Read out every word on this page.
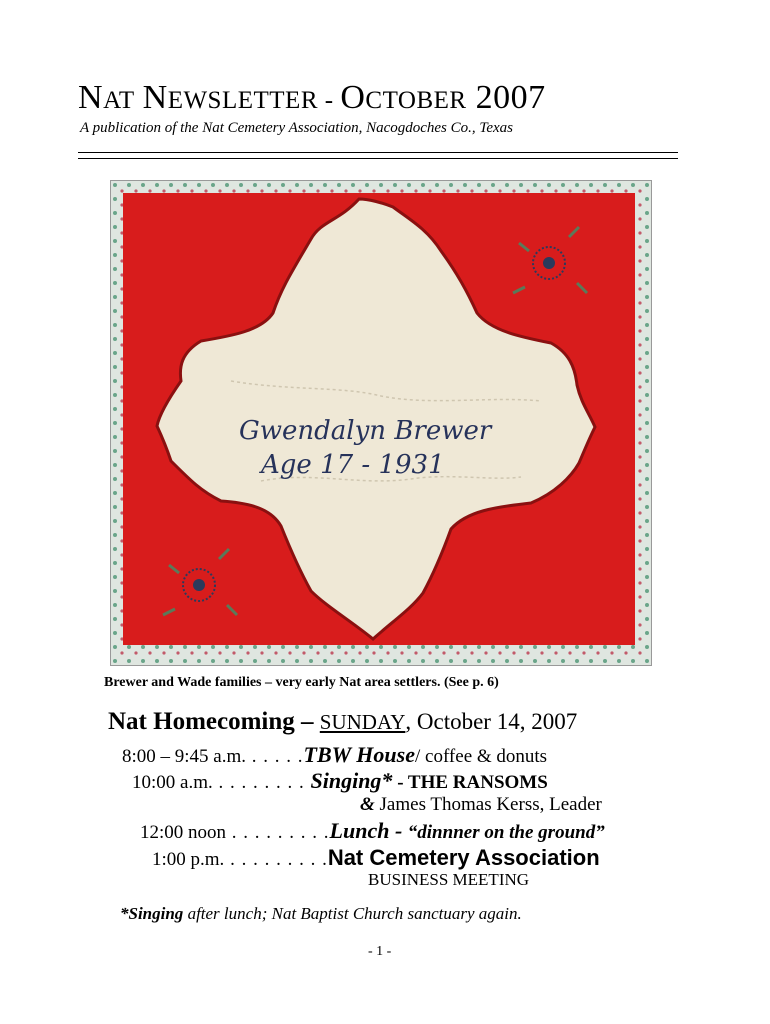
NAT NEWSLETTER - OCTOBER 2007
A publication of the Nat Cemetery Association, Nacogdoches Co., Texas
Gwendalyn Brewer
Age 17 - 1931
Brewer and Wade families – very early Nat area settlers. (See p. 6)
Nat Homecoming – SUNDAY, October 14, 2007
8:00 – 9:45 a.m. . . . . .TBW House/ coffee & donuts
10:00 a.m. . . . . . . . . Singing* - THE RANSOMS
& James Thomas Kerss, Leader
12:00 noon . . . . . . . . .Lunch - “dinnner on the ground”
1:00 p.m. . . . . . . . . .Nat Cemetery Association
BUSINESS MEETING
*Singing after lunch; Nat Baptist Church sanctuary again.
- 1 -
